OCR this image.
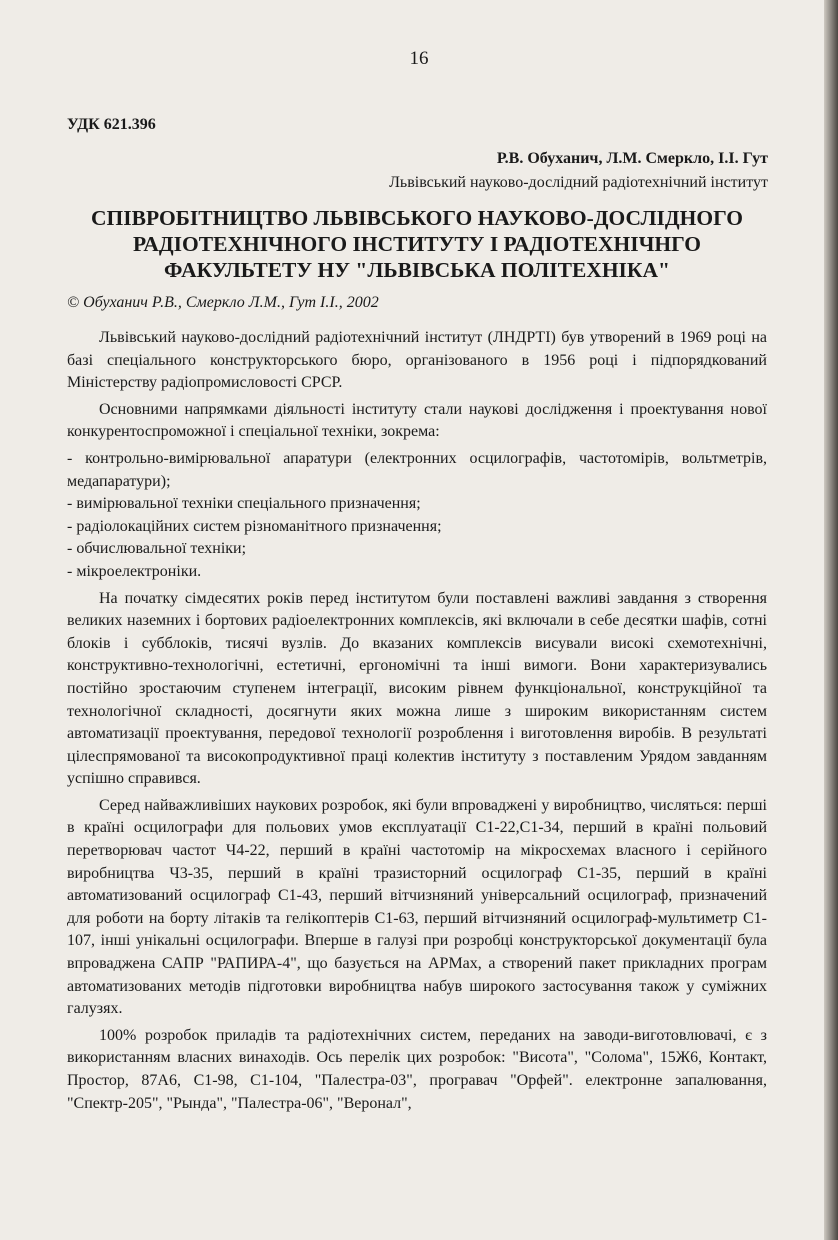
16
УДК 621.396
Р.В. Обуханич, Л.М. Смеркло, І.І. Гут
Львівський науково-дослідний радіотехнічний інститут
СПІВРОБІТНИЦТВО ЛЬВІВСЬКОГО НАУКОВО-ДОСЛІДНОГО РАДІОТЕХНІЧНОГО ІНСТИТУТУ І РАДІОТЕХНІЧНГО ФАКУЛЬТЕТУ НУ "ЛЬВІВСЬКА ПОЛІТЕХНІКА"
© Обуханич Р.В., Смеркло Л.М., Гут І.І., 2002

Львівський науково-дослідний радіотехнічний інститут (ЛНДРТІ) був утворений в 1969 році на базі спеціального конструкторського бюро, організованого в 1956 році і підпорядкований Міністерству радіопромисловості СРСР.

Основними напрямками діяльності інституту стали наукові дослідження і проектування нової конкурентоспроможної і спеціальної техніки, зокрема:

- контрольно-вимірювальної апаратури (електронних осцилографів, частотомірів, вольтметрів, медапаратури);

- вимірювальної техніки спеціального призначення;

- радіолокаційних систем різноманітного призначення;

- обчислювальної техніки;

- мікроелектроніки.

На початку сімдесятих років перед інститутом були поставлені важливі завдання з створення великих наземних і бортових радіоелектронних комплексів, які включали в себе десятки шафів, сотні блоків і субблоків, тисячі вузлів. До вказаних комплексів висували високі схемотехнічні, конструктивно-технологічні, естетичні, ергономічні та інші вимоги. Вони характеризувались постійно зростаючим ступенем інтеграції, високим рівнем функціональної, конструкційної та технологічної складності, досягнути яких можна лише з широким використанням систем автоматизації проектування, передової технології розроблення і виготовлення виробів. В результаті цілеспрямованої та високопродуктивної праці колектив інституту з поставленим Урядом завданням успішно справився.

Серед найважливіших наукових розробок, які були впроваджені у виробництво, числяться: перші в країні осцилографи для польових умов експлуатації С1-22,С1-34, перший в країні польовий перетворювач частот Ч4-22, перший в країні частотомір на мікросхемах власного і серійного виробництва Ч3-35, перший в країні тразисторний осцилограф С1-35, перший в країні автоматизований осцилограф С1-43, перший вітчизняний універсальний осцилограф, призначений для роботи на борту літаків та гелікоптерів С1-63, перший вітчизняний осцилограф-мультиметр С1-107, інші унікальні осцилографи. Вперше в галузі при розробці конструкторської документації була впроваджена САПР "РАПИРА-4", що базується на АРМах, а створений пакет прикладних програм автоматизованих методів підготовки виробництва набув широкого застосування також у суміжних галузях.

100% розробок приладів та радіотехнічних систем, переданих на заводи-виготовлювачі, є з використанням власних винаходів. Ось перелік цих розробок: "Висота", "Солома", 15Ж6, Контакт, Простор, 87А6, С1-98, С1-104, "Палестра-03", програвач "Орфей". електронне запалювання, "Спектр-205", "Рында", "Палестра-06", "Веронал",
